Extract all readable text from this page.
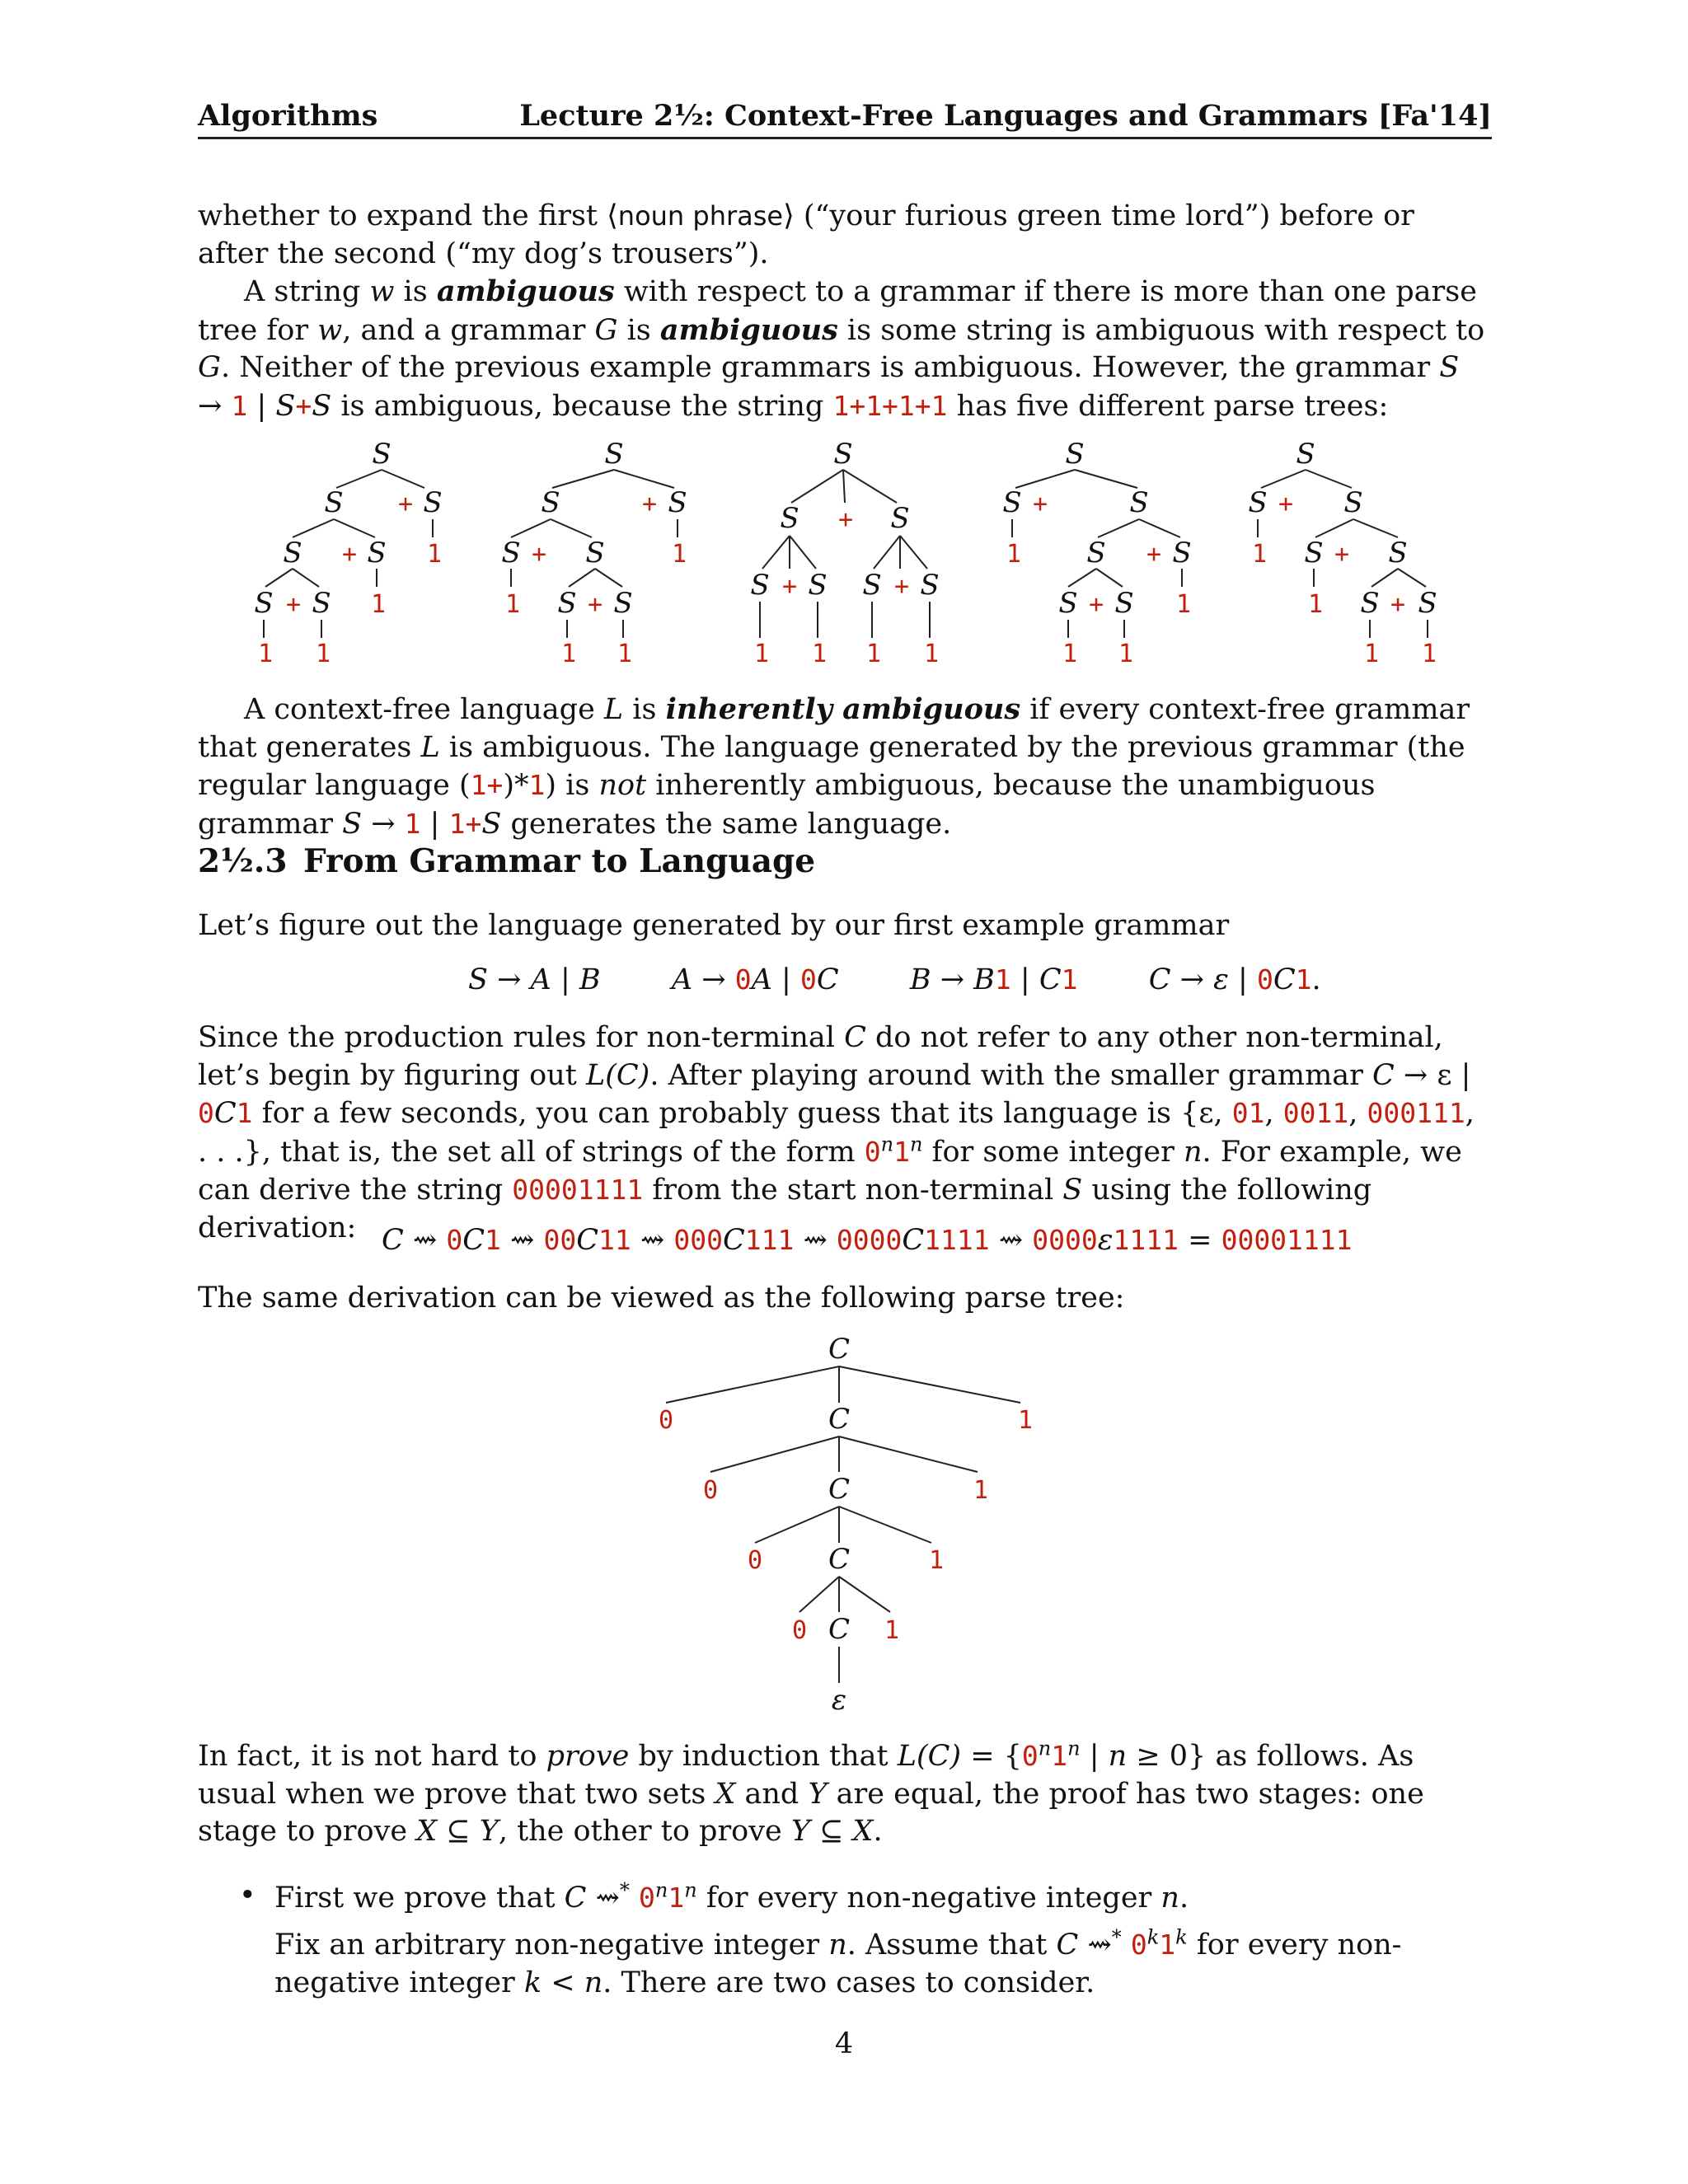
Algorithms	Lecture 2½: Context-Free Languages and Grammars [Fa'14]

whether to expand the first ⟨noun phrase⟩ (“your furious green time lord”) before or after the second (“my dog’s trousers”).

A string w is ambiguous with respect to a grammar if there is more than one parse tree for w, and a grammar G is ambiguous is some string is ambiguous with respect to G. Neither of the previous example grammars is ambiguous. However, the grammar S → 1 | S+S is ambiguous, because the string 1+1+1+1 has five different parse trees:

S
S + S
1
S + S
1
S + S
1 1
S
S	+ S
1
S + S
1 S + S
1 1
S
S + S
S + S S + S
1 1 1 1
S
S +	S
1 S + S
1
S + S
1 1
S
S + S
1 S + S
1 S + S
1 1

A context-free language L is inherently ambiguous if every context-free grammar that generates L is ambiguous. The language generated by the previous grammar (the regular language (1+)*1) is not inherently ambiguous, because the unambiguous grammar S → 1 | 1+S generates the same language.

2½.3 From Grammar to Language

Let’s figure out the language generated by our first example grammar

S → A | B A → 0A | 0C B → B1 | C1 C → ε | 0C1.

Since the production rules for non-terminal C do not refer to any other non-terminal, let’s begin by figuring out L(C). After playing around with the smaller grammar C → ε | 0C1 for a few seconds, you can probably guess that its language is {ε, 01, 0011, 000111, . . .}, that is, the set all of strings of the form 0$^n$1$^n$ for some integer n. For example, we can derive the string 00001111 from the start non-terminal S using the following derivation: C ⇝ 0C1 ⇝ 00C11 ⇝ 000C111 ⇝ 0000C1111 ⇝ 0000ε1111 = 00001111

The same derivation can be viewed as the following parse tree:

C
0	C	1
0	C	1
0 C	1
0 C 1
ε

In fact, it is not hard to prove by induction that $L(C) = \{0^n1^n$ | n ≥ 0} as follows. As usual when we prove that two sets X and Y are equal, the proof has two stages: one stage to prove X ⊆ Y, the other to prove Y ⊆ X.

• First we prove that C ⇝* 0$^n$1$^n$ for every non-negative integer n.

Fix an arbitrary non-negative integer n. Assume that C ⇝* 0$^k$1$^k$ for every non-negative integer k < n. There are two cases to consider.

4
